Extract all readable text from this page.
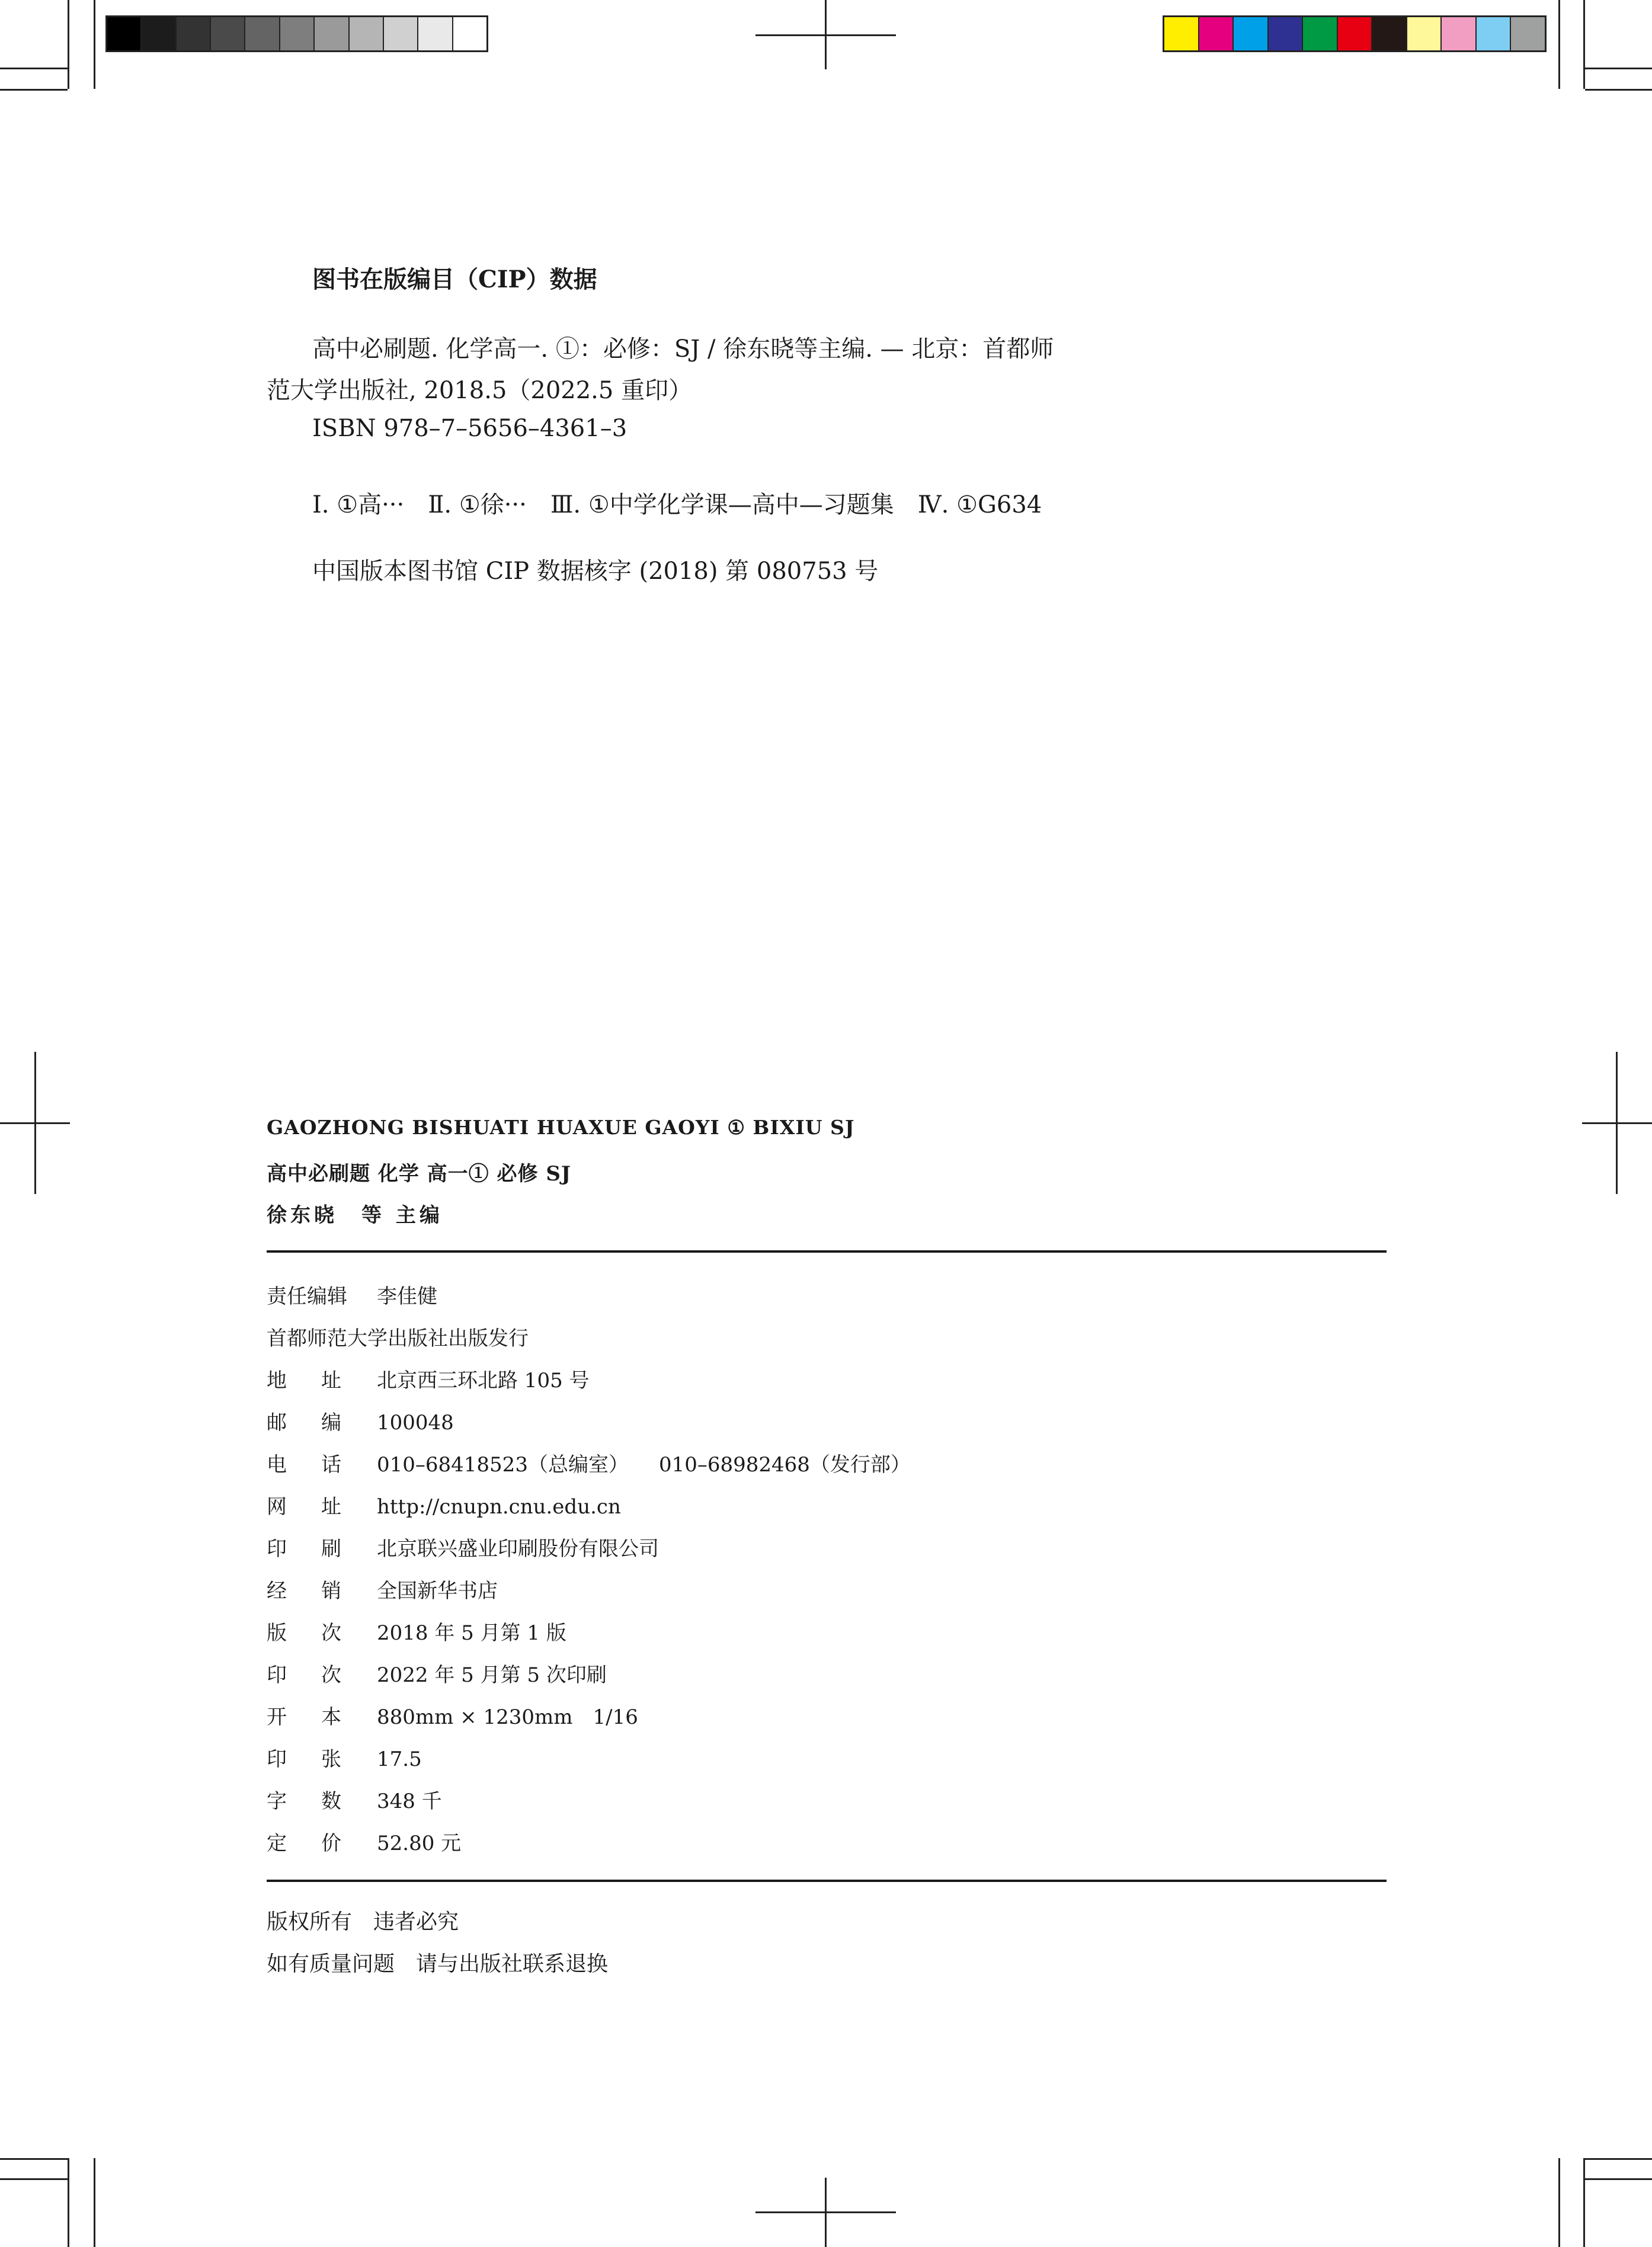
图书在版编目（CIP）数据
高中必刷题. 化学高一. ①：必修：SJ / 徐东晓等主编. — 北京：首都师
范大学出版社, 2018.5（2022.5 重印）
ISBN 978–7–5656–4361–3
Ⅰ. ①高···　Ⅱ. ①徐···　Ⅲ. ①中学化学课—高中—习题集　Ⅳ. ①G634
中国版本图书馆 CIP 数据核字 (2018) 第 080753 号
GAOZHONG BISHUATI HUAXUE GAOYI ① BIXIU SJ
高中必刷题 化学 高一① 必修 SJ
徐东晓　等 主编
责任编辑	李佳健
首都师范大学出版社出版发行
地址 北京西三环北路 105 号
邮编 100048
电话 010–68418523（总编室）　　010–68982468（发行部）
网址 http://cnupn.cnu.edu.cn
印刷 北京联兴盛业印刷股份有限公司
经销 全国新华书店
版次 2018 年 5 月第 1 版
印次 2022 年 5 月第 5 次印刷
开本 880mm × 1230mm　1/16
印张 17.5
字数 348 千
定价 52.80 元
版权所有　违者必究
如有质量问题　请与出版社联系退换
